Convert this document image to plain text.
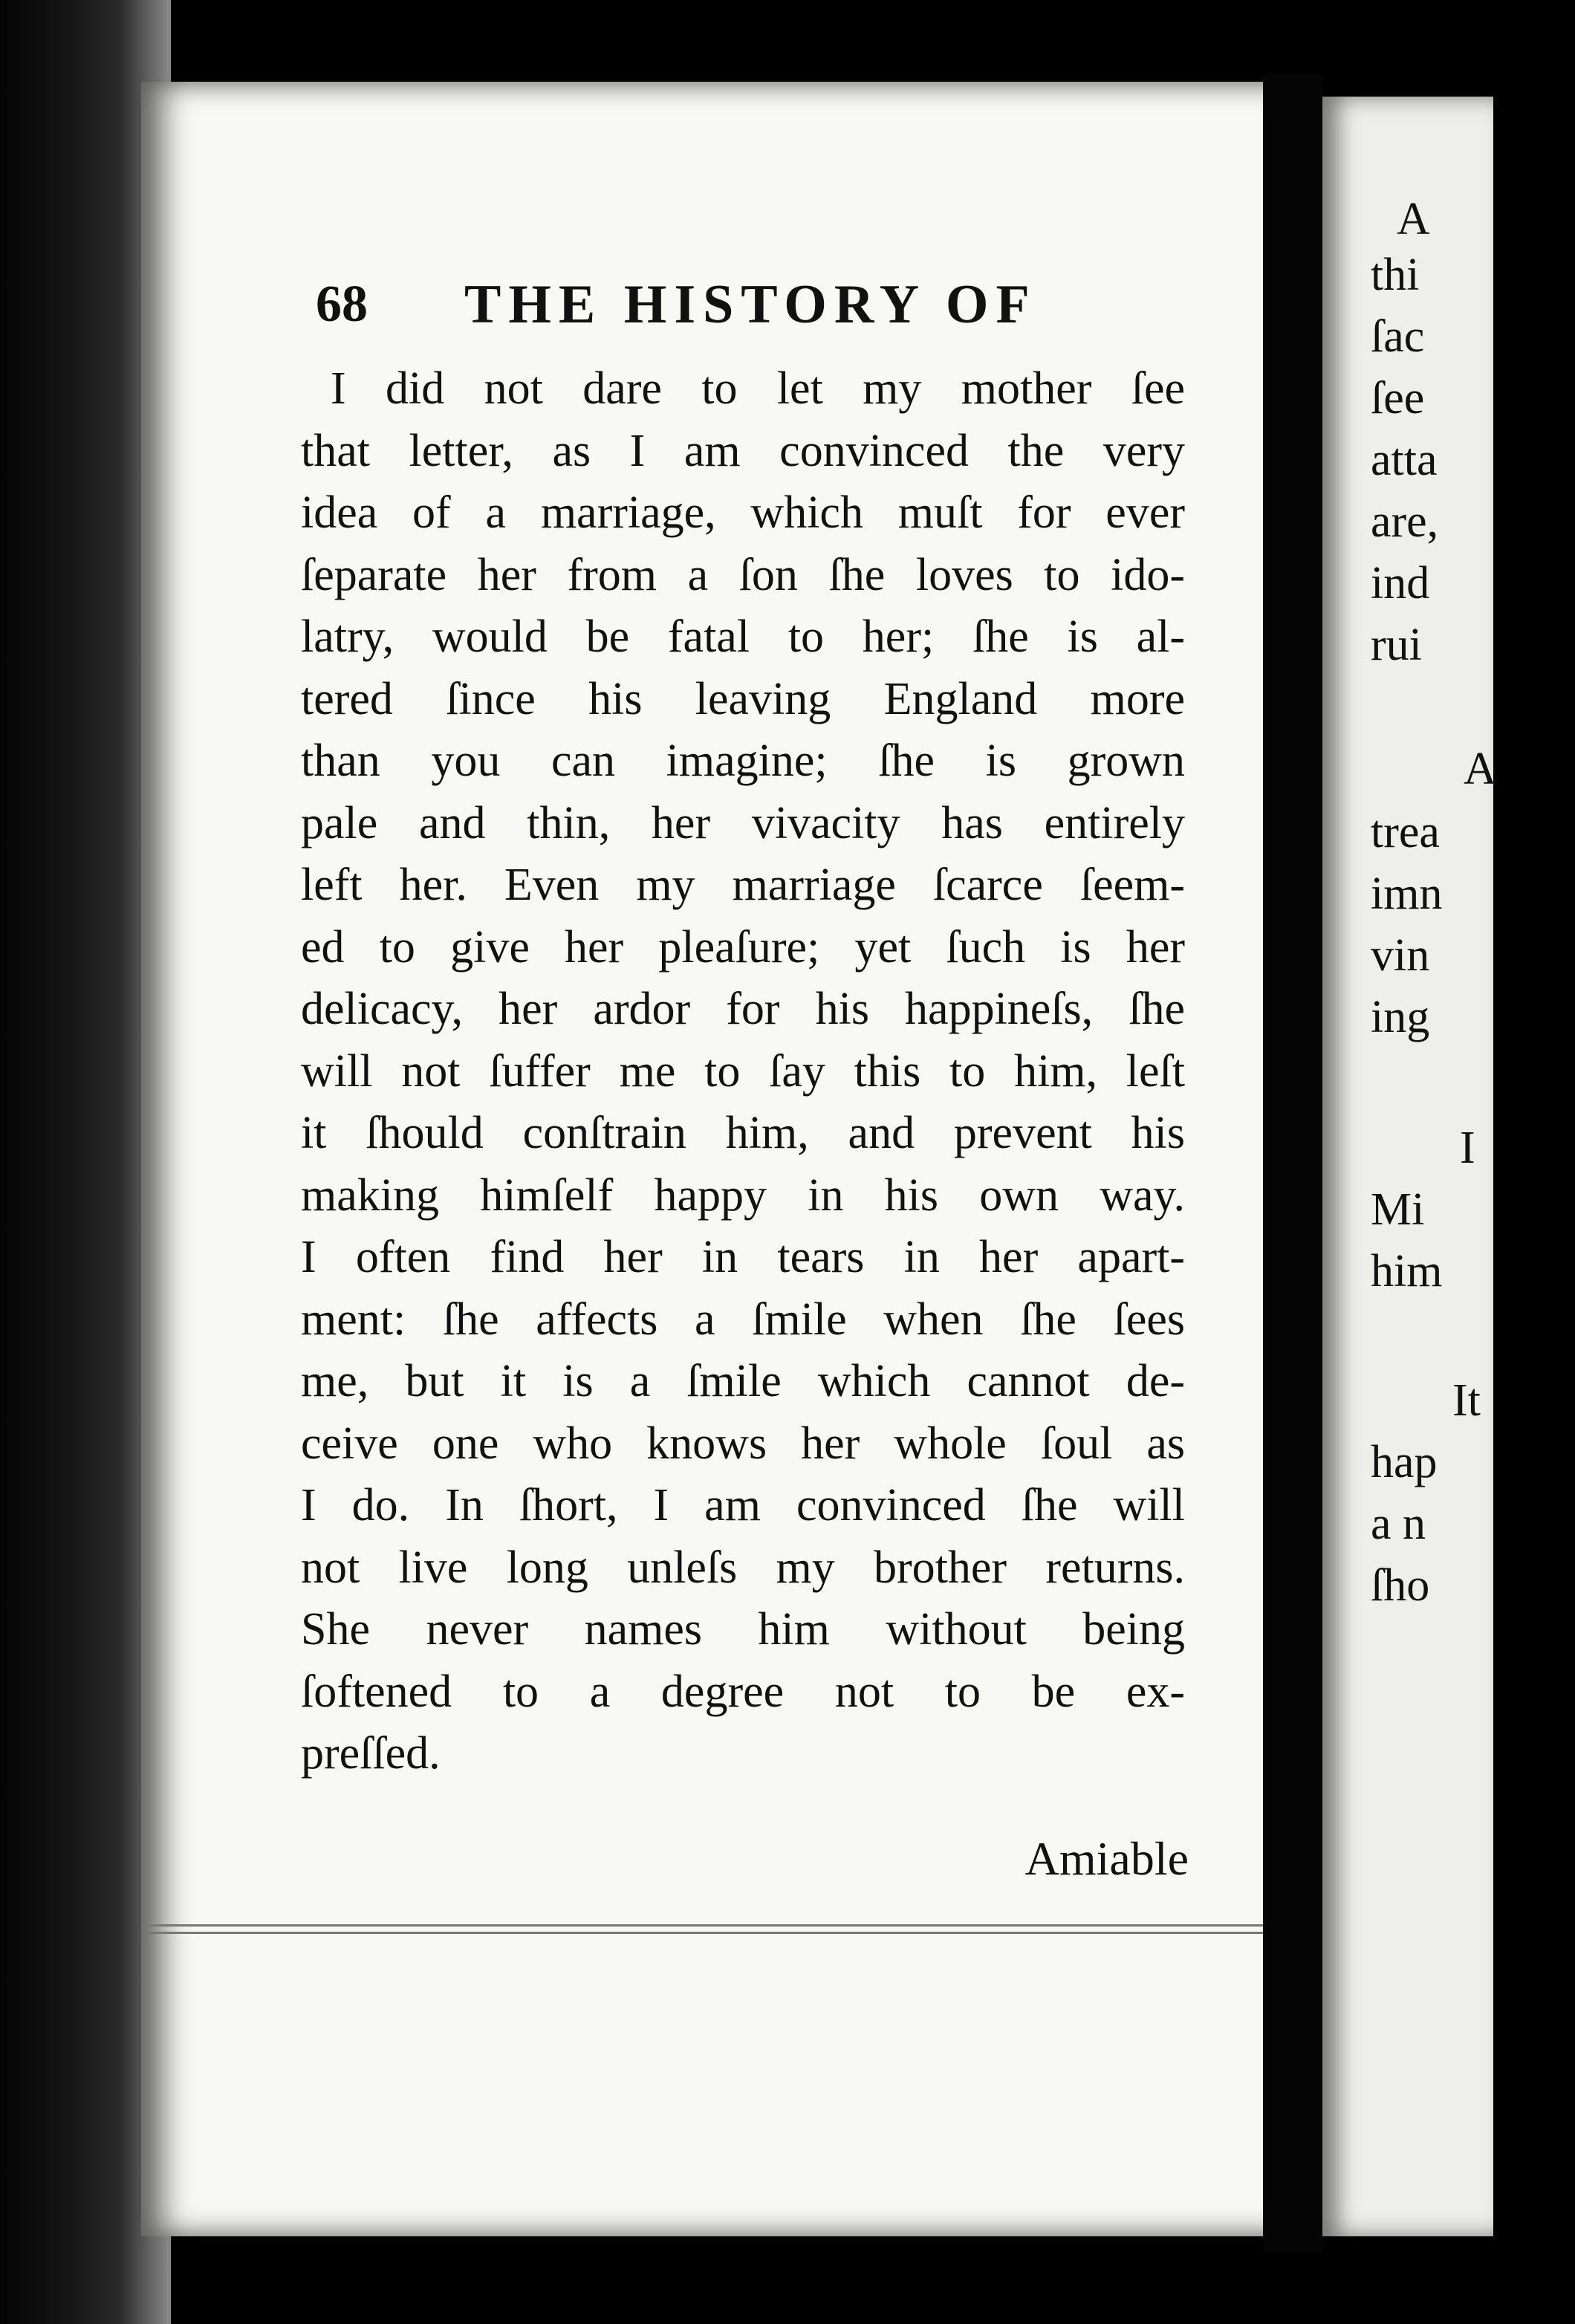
A
thi
ſac
ſee
atta
are,
ind
rui
A
trea
imn
vin
ing
I
Mi
him
It
hap
a n
ſho
68 THE HISTORY OF
I did not dare to let my mother ſee
that letter, as I am convinced the very
idea of a marriage, which muſt for ever
ſeparate her from a ſon ſhe loves to ido-
latry, would be fatal to her; ſhe is al-
tered ſince his leaving England more
than you can imagine; ſhe is grown
pale and thin, her vivacity has entirely
left her. Even my marriage ſcarce ſeem-
ed to give her pleaſure; yet ſuch is her
delicacy, her ardor for his happineſs, ſhe
will not ſuffer me to ſay this to him, leſt
it ſhould conſtrain him, and prevent his
making himſelf happy in his own way.
I often find her in tears in her apart-
ment: ſhe affects a ſmile when ſhe ſees
me, but it is a ſmile which cannot de-
ceive one who knows her whole ſoul as
I do. In ſhort, I am convinced ſhe will
not live long unleſs my brother returns.
She never names him without being
ſoftened to a degree not to be ex-
preſſed.
Amiable
